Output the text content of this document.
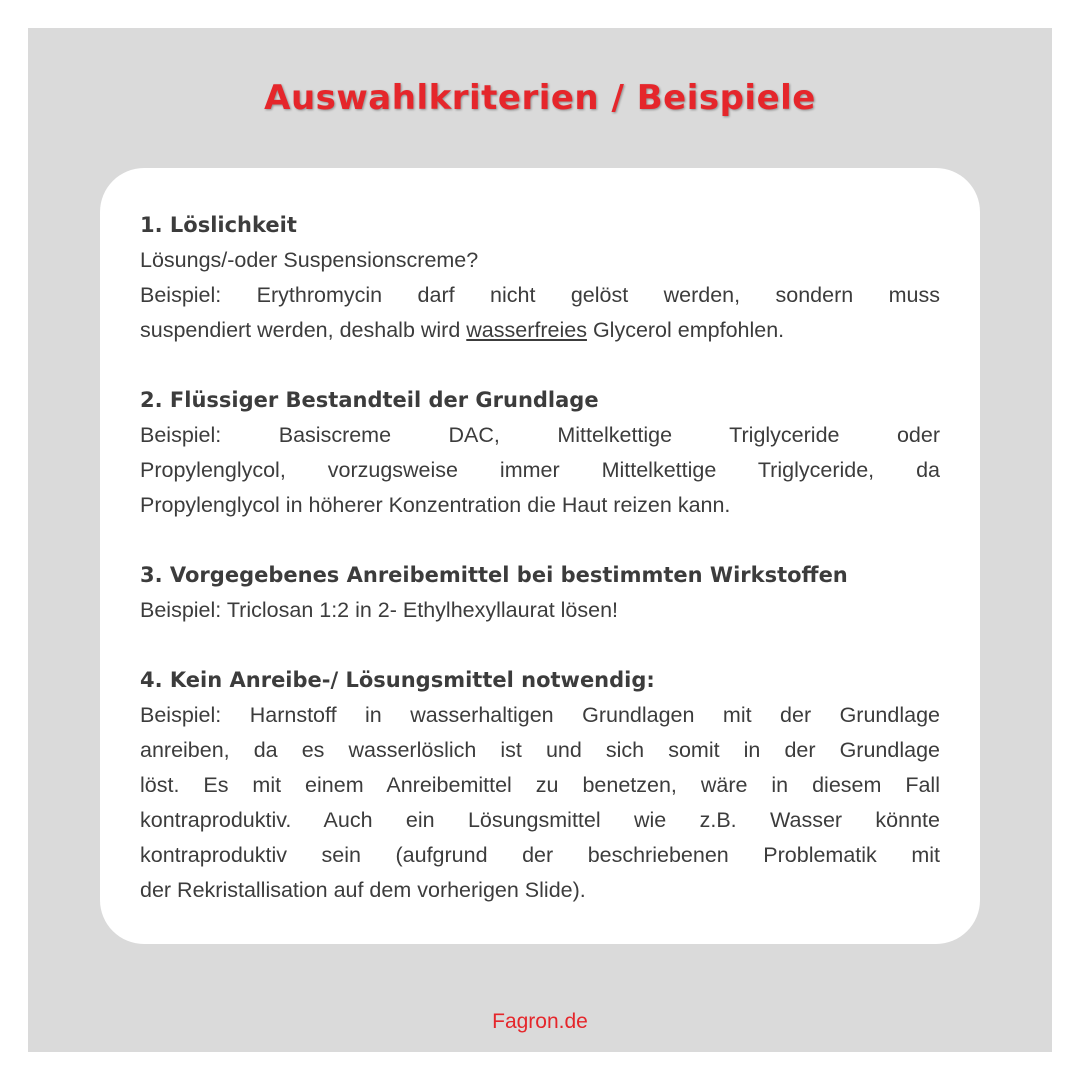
Auswahlkriterien / Beispiele

1. Löslichkeit

Lösungs/-oder Suspensionscreme?
Beispiel: Erythromycin darf nicht gelöst werden, sondern muss
suspendiert werden, deshalb wird wasserfreies Glycerol empfohlen.

2. Flüssiger Bestandteil der Grundlage

Beispiel: Basiscreme DAC, Mittelkettige Triglyceride oder
Propylenglycol, vorzugsweise immer Mittelkettige Triglyceride, da
Propylenglycol in höherer Konzentration die Haut reizen kann.

3. Vorgegebenes Anreibemittel bei bestimmten Wirkstoffen

Beispiel: Triclosan 1:2 in 2- Ethylhexyllaurat lösen!

4. Kein Anreibe-/ Lösungsmittel notwendig:

Beispiel: Harnstoff in wasserhaltigen Grundlagen mit der Grundlage
anreiben, da es wasserlöslich ist und sich somit in der Grundlage
löst. Es mit einem Anreibemittel zu benetzen, wäre in diesem Fall
kontraproduktiv. Auch ein Lösungsmittel wie z.B. Wasser könnte
kontraproduktiv sein (aufgrund der beschriebenen Problematik mit
der Rekristallisation auf dem vorherigen Slide).
Fagron.de
